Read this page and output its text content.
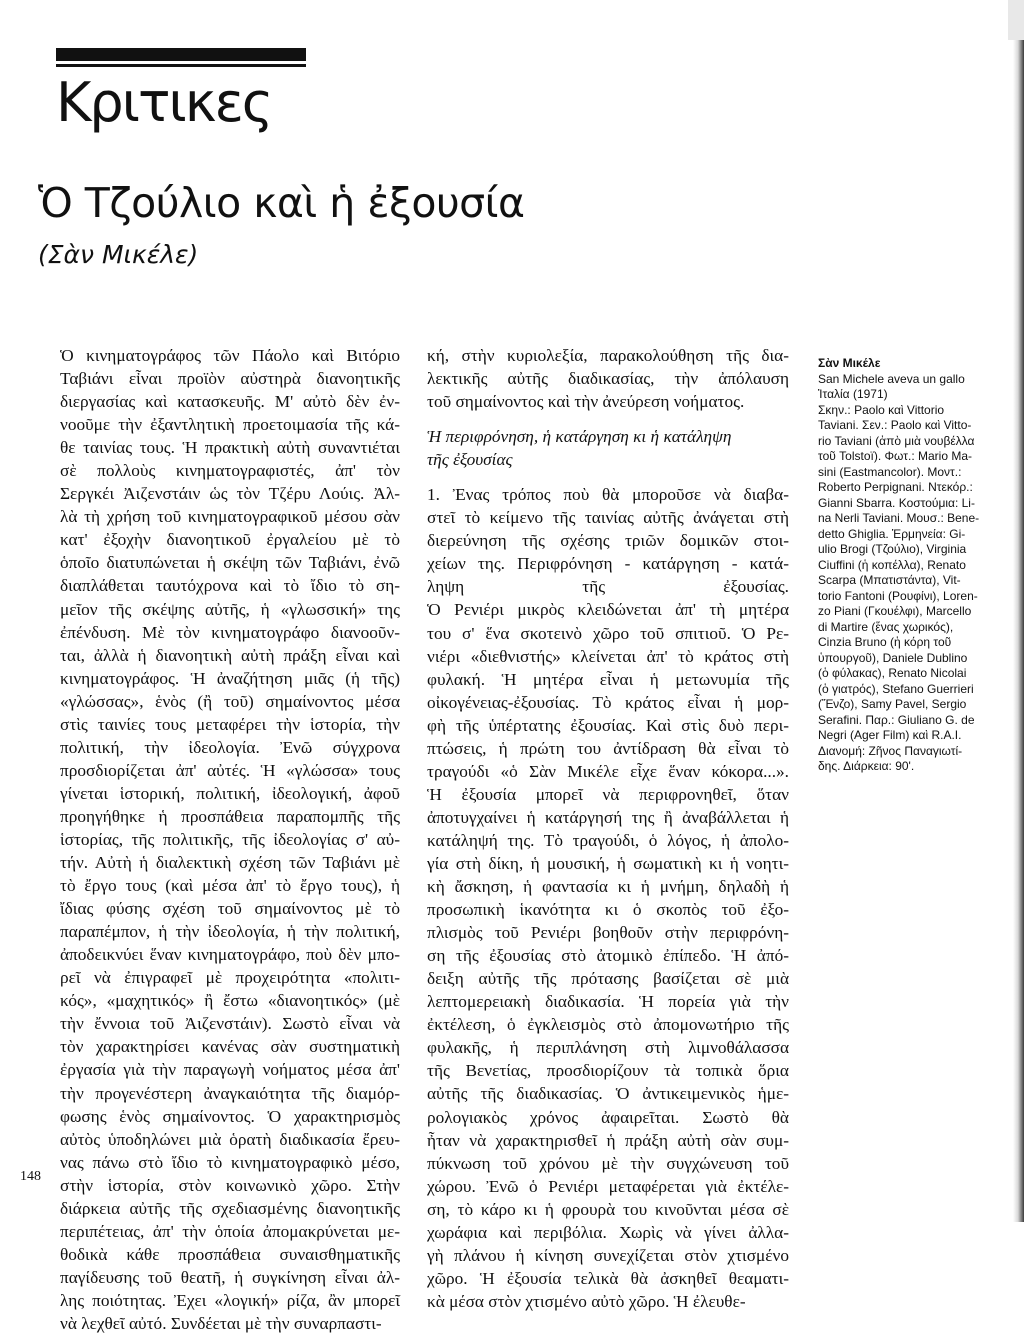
Κριτικες
Ὁ Τζούλιο καὶ ἡ ἐξουσία

(Σὰν Μικέλε)

Ὁ κινηματογράφος τῶν Πάολο καὶ Βιτόριο
Ταβιάνι εἶναι προϊὸν αὐστηρὰ διανοητικῆς
διεργασίας καὶ κατασκευῆς. Μ' αὐτὸ δὲν ἐν-
νοοῦμε τὴν ἐξαντλητικὴ προετοιμασία τῆς κά-
θε ταινίας τους. Ἡ πρακτικὴ αὐτὴ συναντιέται
σὲ πολλοὺς κινηματογραφιστές, ἀπ' τὸν
Σεργκέι Ἀιζενστάιν ὡς τὸν Τζέρυ Λούις. Ἀλ-
λὰ τὴ χρήση τοῦ κινηματογραφικοῦ μέσου σὰν
κατ' ἐξοχὴν διανοητικοῦ ἐργαλείου μὲ τὸ
ὁποῖο διατυπώνεται ἡ σκέψη τῶν Ταβιάνι, ἐνῶ
διαπλάθεται ταυτόχρονα καὶ τὸ ἴδιο τὸ ση-
μεῖον τῆς σκέψης αὐτῆς, ἡ «γλωσσική» της
ἐπένδυση. Μὲ τὸν κινηματογράφο διανοοῦν-
ται, ἀλλὰ ἡ διανοητικὴ αὐτὴ πράξη εἶναι καὶ
κινηματογράφος. Ἡ ἀναζήτηση μιᾶς (ἡ τῆς)
«γλώσσας», ἑνὸς (ἢ τοῦ) σημαίνοντος μέσα
στὶς ταινίες τους μεταφέρει τὴν ἱστορία, τὴν
πολιτική, τὴν ἰδεολογία. Ἐνῶ σύγχρονα
προσδιορίζεται ἀπ' αὐτές. Ἡ «γλώσσα» τους
γίνεται ἱστορική, πολιτική, ἰδεολογική, ἀφοῦ
προηγήθηκε ἡ προσπάθεια παραπομπῆς τῆς
ἱστορίας, τῆς πολιτικῆς, τῆς ἰδεολογίας σ' αὐ-
τήν. Αὐτὴ ἡ διαλεκτικὴ σχέση τῶν Ταβιάνι μὲ
τὸ ἔργο τους (καὶ μέσα ἀπ' τὸ ἔργο τους), ἡ
ἴδιας φύσης σχέση τοῦ σημαίνοντος μὲ τὸ
παραπέμπον, ἡ τὴν ἰδεολογία, ἡ τὴν πολιτική,
ἀποδεικνύει ἕναν κινηματογράφο, ποὺ δὲν μπο-
ρεῖ νὰ ἐπιγραφεῖ μὲ προχειρότητα «πολιτι-
κός», «μαχητικός» ἢ ἔστω «διανοητικός» (μὲ
τὴν ἔννοια τοῦ Ἀιζενστάιν). Σωστὸ εἶναι νὰ
τὸν χαρακτηρίσει κανένας σὰν συστηματικὴ
ἐργασία γιὰ τὴν παραγωγὴ νοήματος μέσα ἀπ'
τὴν προγενέστερη ἀναγκαιότητα τῆς διαμόρ-
φωσης ἑνὸς σημαίνοντος. Ὁ χαρακτηρισμὸς
αὐτὸς ὑποδηλώνει μιὰ ὁρατὴ διαδικασία ἔρευ-
νας πάνω στὸ ἴδιο τὸ κινηματογραφικὸ μέσο,
στὴν ἱστορία, στὸν κοινωνικὸ χῶρο. Στὴν
διάρκεια αὐτῆς τῆς σχεδιασμένης διανοητικῆς
περιπέτειας, ἀπ' τὴν ὁποία ἀπομακρύνεται με-
θοδικὰ κάθε προσπάθεια συναισθηματικῆς
παγίδευσης τοῦ θεατῆ, ἡ συγκίνηση εἶναι ἀλ-
λης ποιότητας. Ἐχει «λογική» ρίζα, ἂν μπορεῖ
νὰ λεχθεῖ αὐτό. Συνδέεται μὲ τὴν συναρπαστι-
κή, στὴν κυριολεξία, παρακολούθηση τῆς δια-
λεκτικῆς αὐτῆς διαδικασίας, τὴν ἀπόλαυση
τοῦ σημαίνοντος καὶ τὴν ἀνεύρεση νοήματος.
Ἡ περιφρόνηση, ἡ κατάργηση κι ἡ κατάληψη
τῆς ἐξουσίας
1. Ἐνας τρόπος ποὺ θὰ μποροῦσε νὰ διαβα-
στεῖ τὸ κείμενο τῆς ταινίας αὐτῆς ἀνάγεται στὴ
διερεύνηση τῆς σχέσης τριῶν δομικῶν στοι-
χείων της. Περιφρόνηση - κατάργηση - κατά-
ληψη τῆς ἐξουσίας.
Ὁ Ρενιέρι μικρὸς κλειδώνεται ἀπ' τὴ μητέρα
του σ' ἕνα σκοτεινὸ χῶρο τοῦ σπιτιοῦ. Ὁ Ρε-
νιέρι «διεθνιστής» κλείνεται ἀπ' τὸ κράτος στὴ
φυλακή. Ἡ μητέρα εἶναι ἡ μετωνυμία τῆς
οἰκογένειας-ἐξουσίας. Τὸ κράτος εἶναι ἡ μορ-
φὴ τῆς ὑπέρτατης ἐξουσίας. Καὶ στὶς δυὸ περι-
πτώσεις, ἡ πρώτη του ἀντίδραση θὰ εἶναι τὸ
τραγούδι «ὁ Σὰν Μικέλε εἶχε ἕναν κόκορα...».
Ἡ ἐξουσία μπορεῖ νὰ περιφρονηθεῖ, ὅταν
ἀποτυγχαίνει ἡ κατάργησή της ἢ ἀναβάλλεται ἡ
κατάληψή της. Τὸ τραγούδι, ὁ λόγος, ἡ ἀπολο-
γία στὴ δίκη, ἡ μουσική, ἡ σωματικὴ κι ἡ νοητι-
κὴ ἄσκηση, ἡ φαντασία κι ἡ μνήμη, δηλαδὴ ἡ
προσωπικὴ ἱκανότητα κι ὁ σκοπὸς τοῦ ἐξο-
πλισμὸς τοῦ Ρενιέρι βοηθοῦν στὴν περιφρόνη-
ση τῆς ἐξουσίας στὸ ἀτομικὸ ἐπίπεδο. Ἡ ἀπό-
δειξη αὐτῆς τῆς πρότασης βασίζεται σὲ μιὰ
λεπτομερειακὴ διαδικασία. Ἡ πορεία γιὰ τὴν
ἐκτέλεση, ὁ ἐγκλεισμὸς στὸ ἀπομονωτήριο τῆς
φυλακῆς, ἡ περιπλάνηση στὴ λιμνοθάλασσα
τῆς Βενετίας, προσδιορίζουν τὰ τοπικὰ ὅρια
αὐτῆς τῆς διαδικασίας. Ὁ ἀντικειμενικὸς ἡμε-
ρολογιακὸς χρόνος ἀφαιρεῖται. Σωστὸ θὰ
ἦταν νὰ χαρακτηρισθεῖ ἡ πράξη αὐτὴ σὰν συμ-
πύκνωση τοῦ χρόνου μὲ τὴν συγχώνευση τοῦ
χώρου. Ἐνῶ ὁ Ρενιέρι μεταφέρεται γιὰ ἐκτέλε-
ση, τὸ κάρο κι ἡ φρουρὰ του κινοῦνται μέσα σὲ
χωράφια καὶ περιβόλια. Χωρὶς νὰ γίνει ἀλλα-
γὴ πλάνου ἡ κίνηση συνεχίζεται στὸν χτισμένο
χῶρο. Ἡ ἐξουσία τελικὰ θὰ ἀσκηθεῖ θεαματι-
κὰ μέσα στὸν χτισμένο αὐτὸ χῶρο. Ἡ ἐλευθε-
Σὰν Μικέλε
San Michele aveva un gallo
Ἰταλία (1971)
Σκην.: Paolo καὶ Vittorio
Taviani. Σεν.: Paolo καὶ Vitto-
rio Taviani (ἀπὸ μιὰ νουβέλλα
τοῦ Tolstoï). Φωτ.: Mario Ma-
sini (Eastmancolor). Μοντ.:
Roberto Perpignani. Ντεκόρ.:
Gianni Sbarra. Κοστούμια: Li-
na Nerli Taviani. Μουσ.: Bene-
detto Ghiglia. Ἑρμηνεία: Gi-
ulio Brogi (Τζούλιο), Virginia
Ciuffini (ἡ κοπέλλα), Renato
Scarpa (Μπατιστάντα), Vit-
torio Fantoni (Ρουφίνι), Loren-
zo Piani (Γκουέλφι), Marcello
di Martire (ἕνας χωρικός),
Cinzia Bruno (ἡ κόρη τοῦ
ὑπουργοῦ), Daniele Dublino
(ὁ φύλακας), Renato Nicolai
(ὁ γιατρός), Stefano Guerrieri
(Ἔνζο), Samy Pavel, Sergio
Serafini. Παρ.: Giuliano G. de
Negri (Ager Film) καὶ R.A.I.
Διανομή: Ζῆνος Παναγιωτί-
δης. Διάρκεια: 90'.
148
